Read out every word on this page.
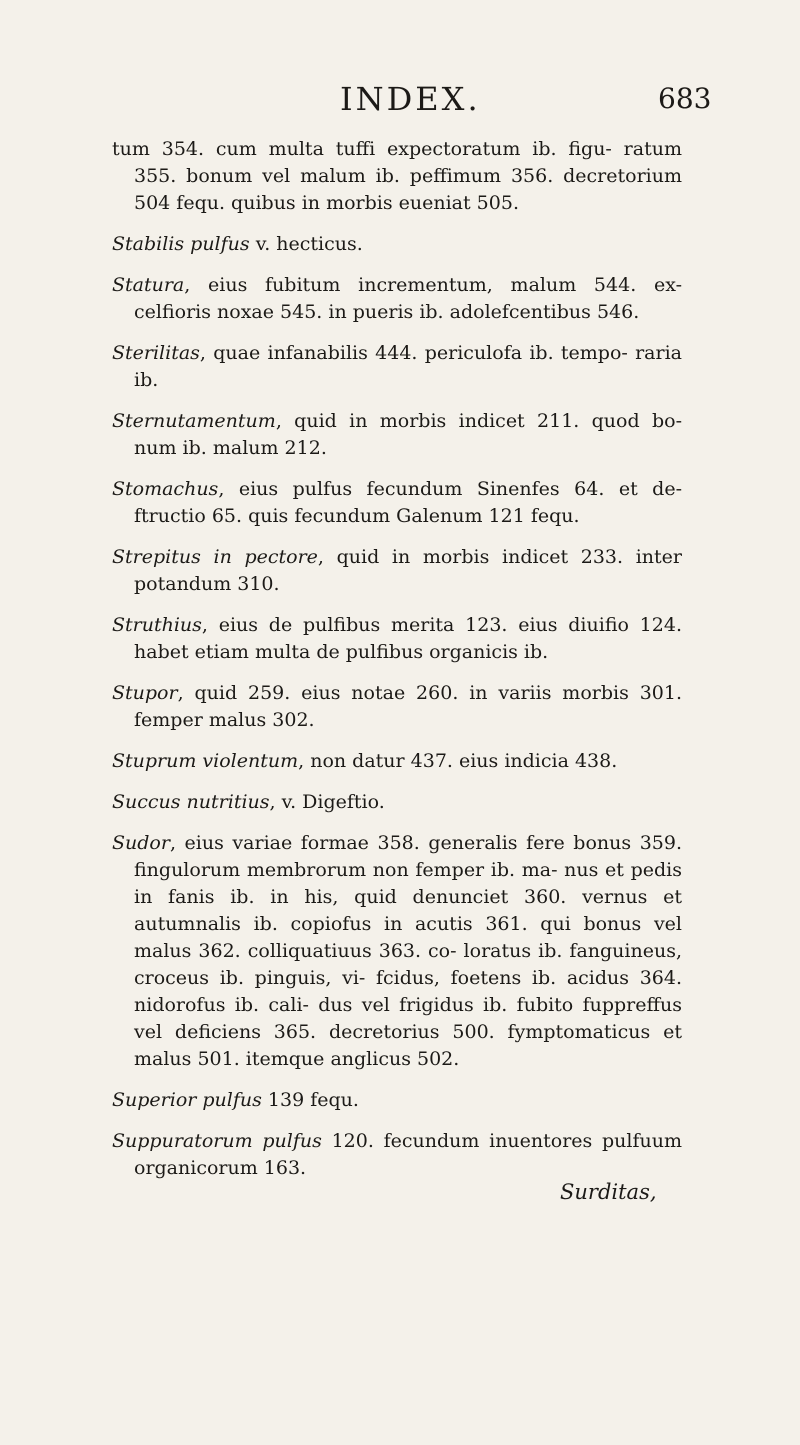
INDEX.	683

tum 354. cum multa tuffi expectoratum ib. figu- ratum 355. bonum vel malum ib. peffimum 356. decretorium 504 fequ. quibus in morbis eueniat 505.

Stabilis pulfus v. hecticus.

Statura, eius fubitum incrementum, malum 544. ex- celfioris noxae 545. in pueris ib. adolefcentibus 546.

Sterilitas, quae infanabilis 444. periculofa ib. tempo- raria ib.

Sternutamentum, quid in morbis indicet 211. quod bo- num ib. malum 212.

Stomachus, eius pulfus fecundum Sinenfes 64. et de- ftructio 65. quis fecundum Galenum 121 fequ.

Strepitus in pectore, quid in morbis indicet 233. inter potandum 310.

Struthius, eius de pulfibus merita 123. eius diuifio 124. habet etiam multa de pulfibus organicis ib.

Stupor, quid 259. eius notae 260. in variis morbis 301. femper malus 302.

Stuprum violentum, non datur 437. eius indicia 438.

Succus nutritius, v. Digeftio.

Sudor, eius variae formae 358. generalis fere bonus 359. fingulorum membrorum non femper ib. ma- nus et pedis in fanis ib. in his, quid denunciet 360. vernus et autumnalis ib. copiofus in acutis 361. qui bonus vel malus 362. colliquatiuus 363. co- loratus ib. fanguineus, croceus ib. pinguis, vi- fcidus, foetens ib. acidus 364. nidorofus ib. cali- dus vel frigidus ib. fubito fuppreffus vel deficiens 365. decretorius 500. fymptomaticus et malus 501. itemque anglicus 502.

Superior pulfus 139 fequ.

Suppuratorum pulfus 120. fecundum inuentores pulfuum organicorum 163.

Surditas,
